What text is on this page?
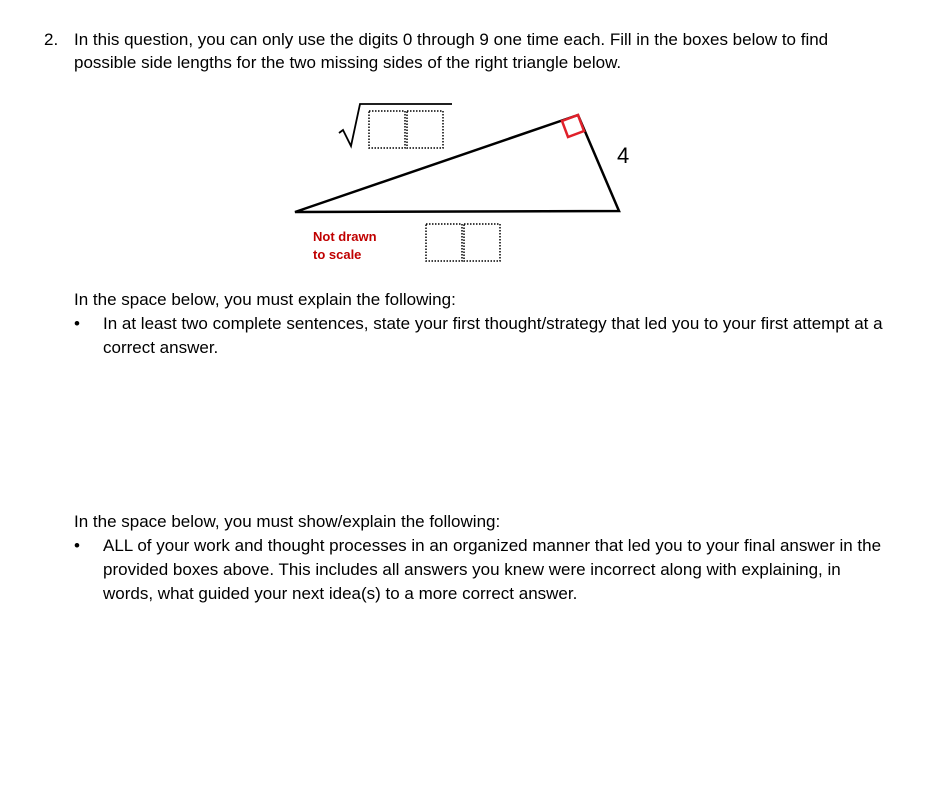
2. In this question, you can only use the digits 0 through 9 one time each. Fill in the boxes below to find possible side lengths for the two missing sides of the right triangle below.
4
Not drawn
to scale

In the space below, you must explain the following:

• In at least two complete sentences, state your first thought/strategy that led you to your first attempt at a correct answer.

In the space below, you must show/explain the following:

• ALL of your work and thought processes in an organized manner that led you to your final answer in the provided boxes above. This includes all answers you knew were incorrect along with explaining, in words, what guided your next idea(s) to a more correct answer.
